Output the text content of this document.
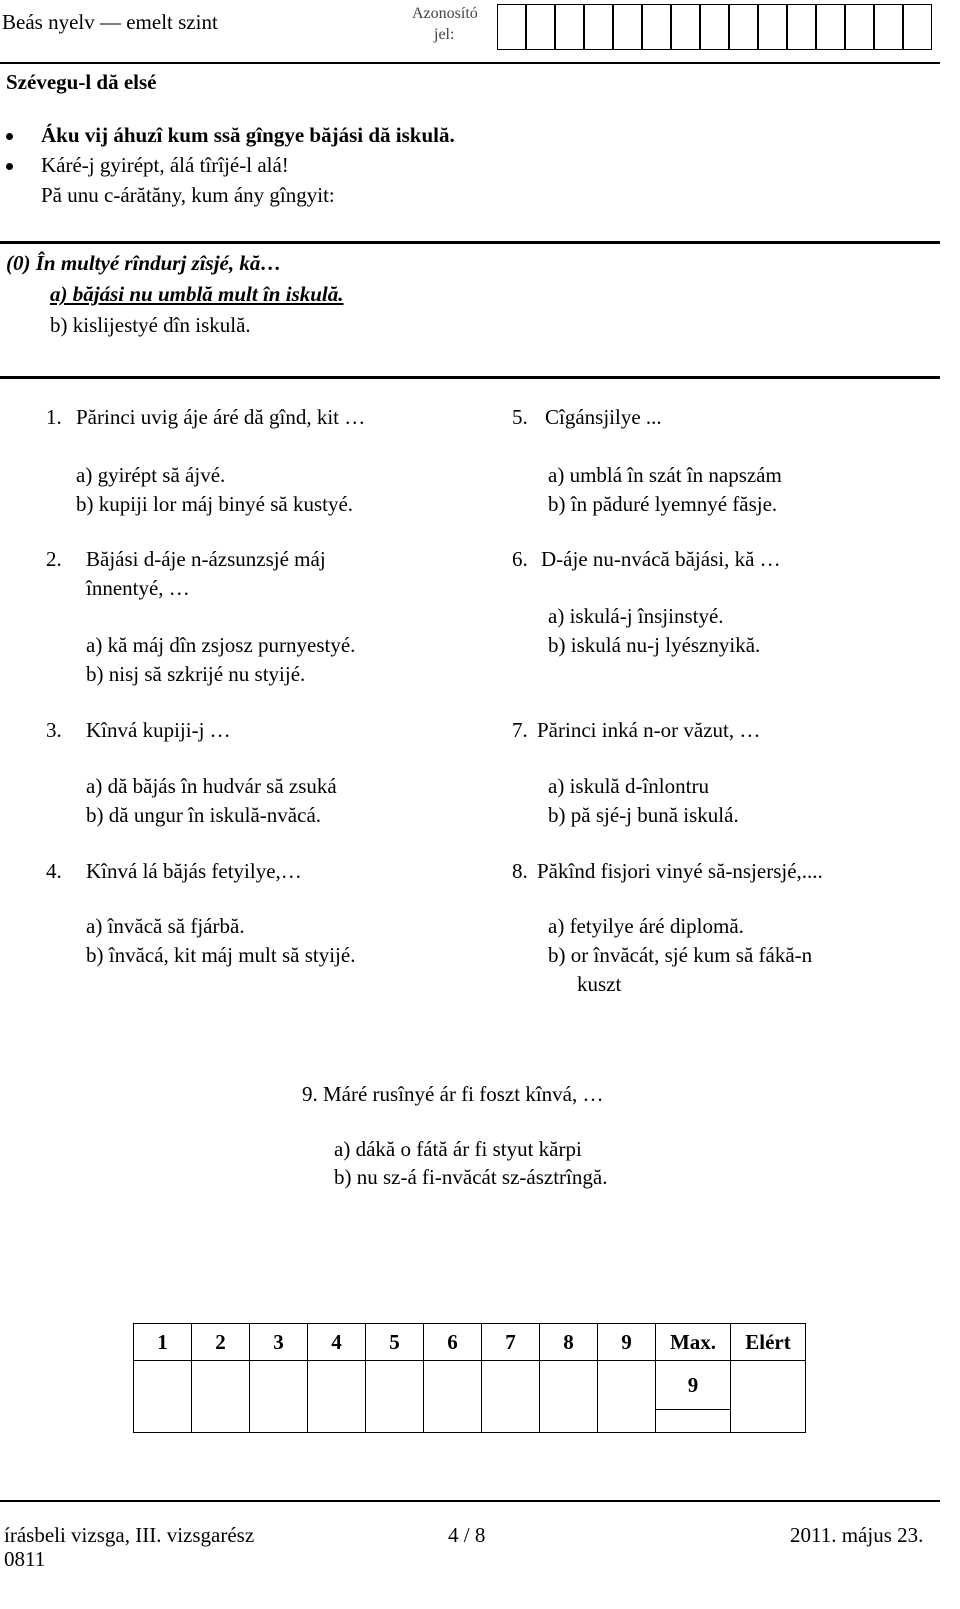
Beás nyelv — emelt szint	Azonosító
jel:
Szévegu-l dă elsé
Áku vij áhuzî kum ssă gîngye băjási dă iskulă.
Káré-j gyirépt, álá tîrîjé-l alá!
Pă unu c-árătăny, kum ány gîngyit:
(0) În multyé rîndurj zîsjé, kă…
a) băjási nu umblă mult în iskulă.
b) kislijestyé dîn iskulă.
1. Părinci uvig áje áré dă gînd, kit …
a) gyirépt să ájvé.
b) kupiji lor máj binyé să kustyé.
2. Băjási d-áje n-ázsunzsjé máj
înnentyé, …
a) kă máj dîn zsjosz purnyestyé.
b) nisj să szkrijé nu styijé.
3. Kînvá kupiji-j …
a) dă băjás în hudvár să zsuká
b) dă ungur în iskulă-nvăcá.
4. Kînvá lá băjás fetyilye,…
a) învăcă să fjárbă.
b) învăcá, kit máj mult să styijé.
5. Cîgánsjilye ...
a) umblá în szát în napszám
b) în păduré lyemnyé făsje.
6. D-áje nu-nvácă băjási, kă …
a) iskulá-j însjinstyé.
b) iskulá nu-j lyésznyikă.
7. Părinci inká n-or văzut, …
a) iskulă d-înlontru
b) pă sjé-j bună iskulá.
8. Păkînd fisjori vinyé să-nsjersjé,....
a) fetyilye áré diplomă.
b) or învăcát, sjé kum să fákă-n
kuszt
9. Máré rusînyé ár fi foszt kînvá, …
a) dákă o fátă ár fi styut kărpi
b) nu sz-á fi-nvăcát sz-ásztrîngă.
1	2	3	4	5	6	7	8	9	Max.	Elért
									9	

írásbeli vizsga, III. vizsgarész
0811
4 / 8	2011. május 23.
